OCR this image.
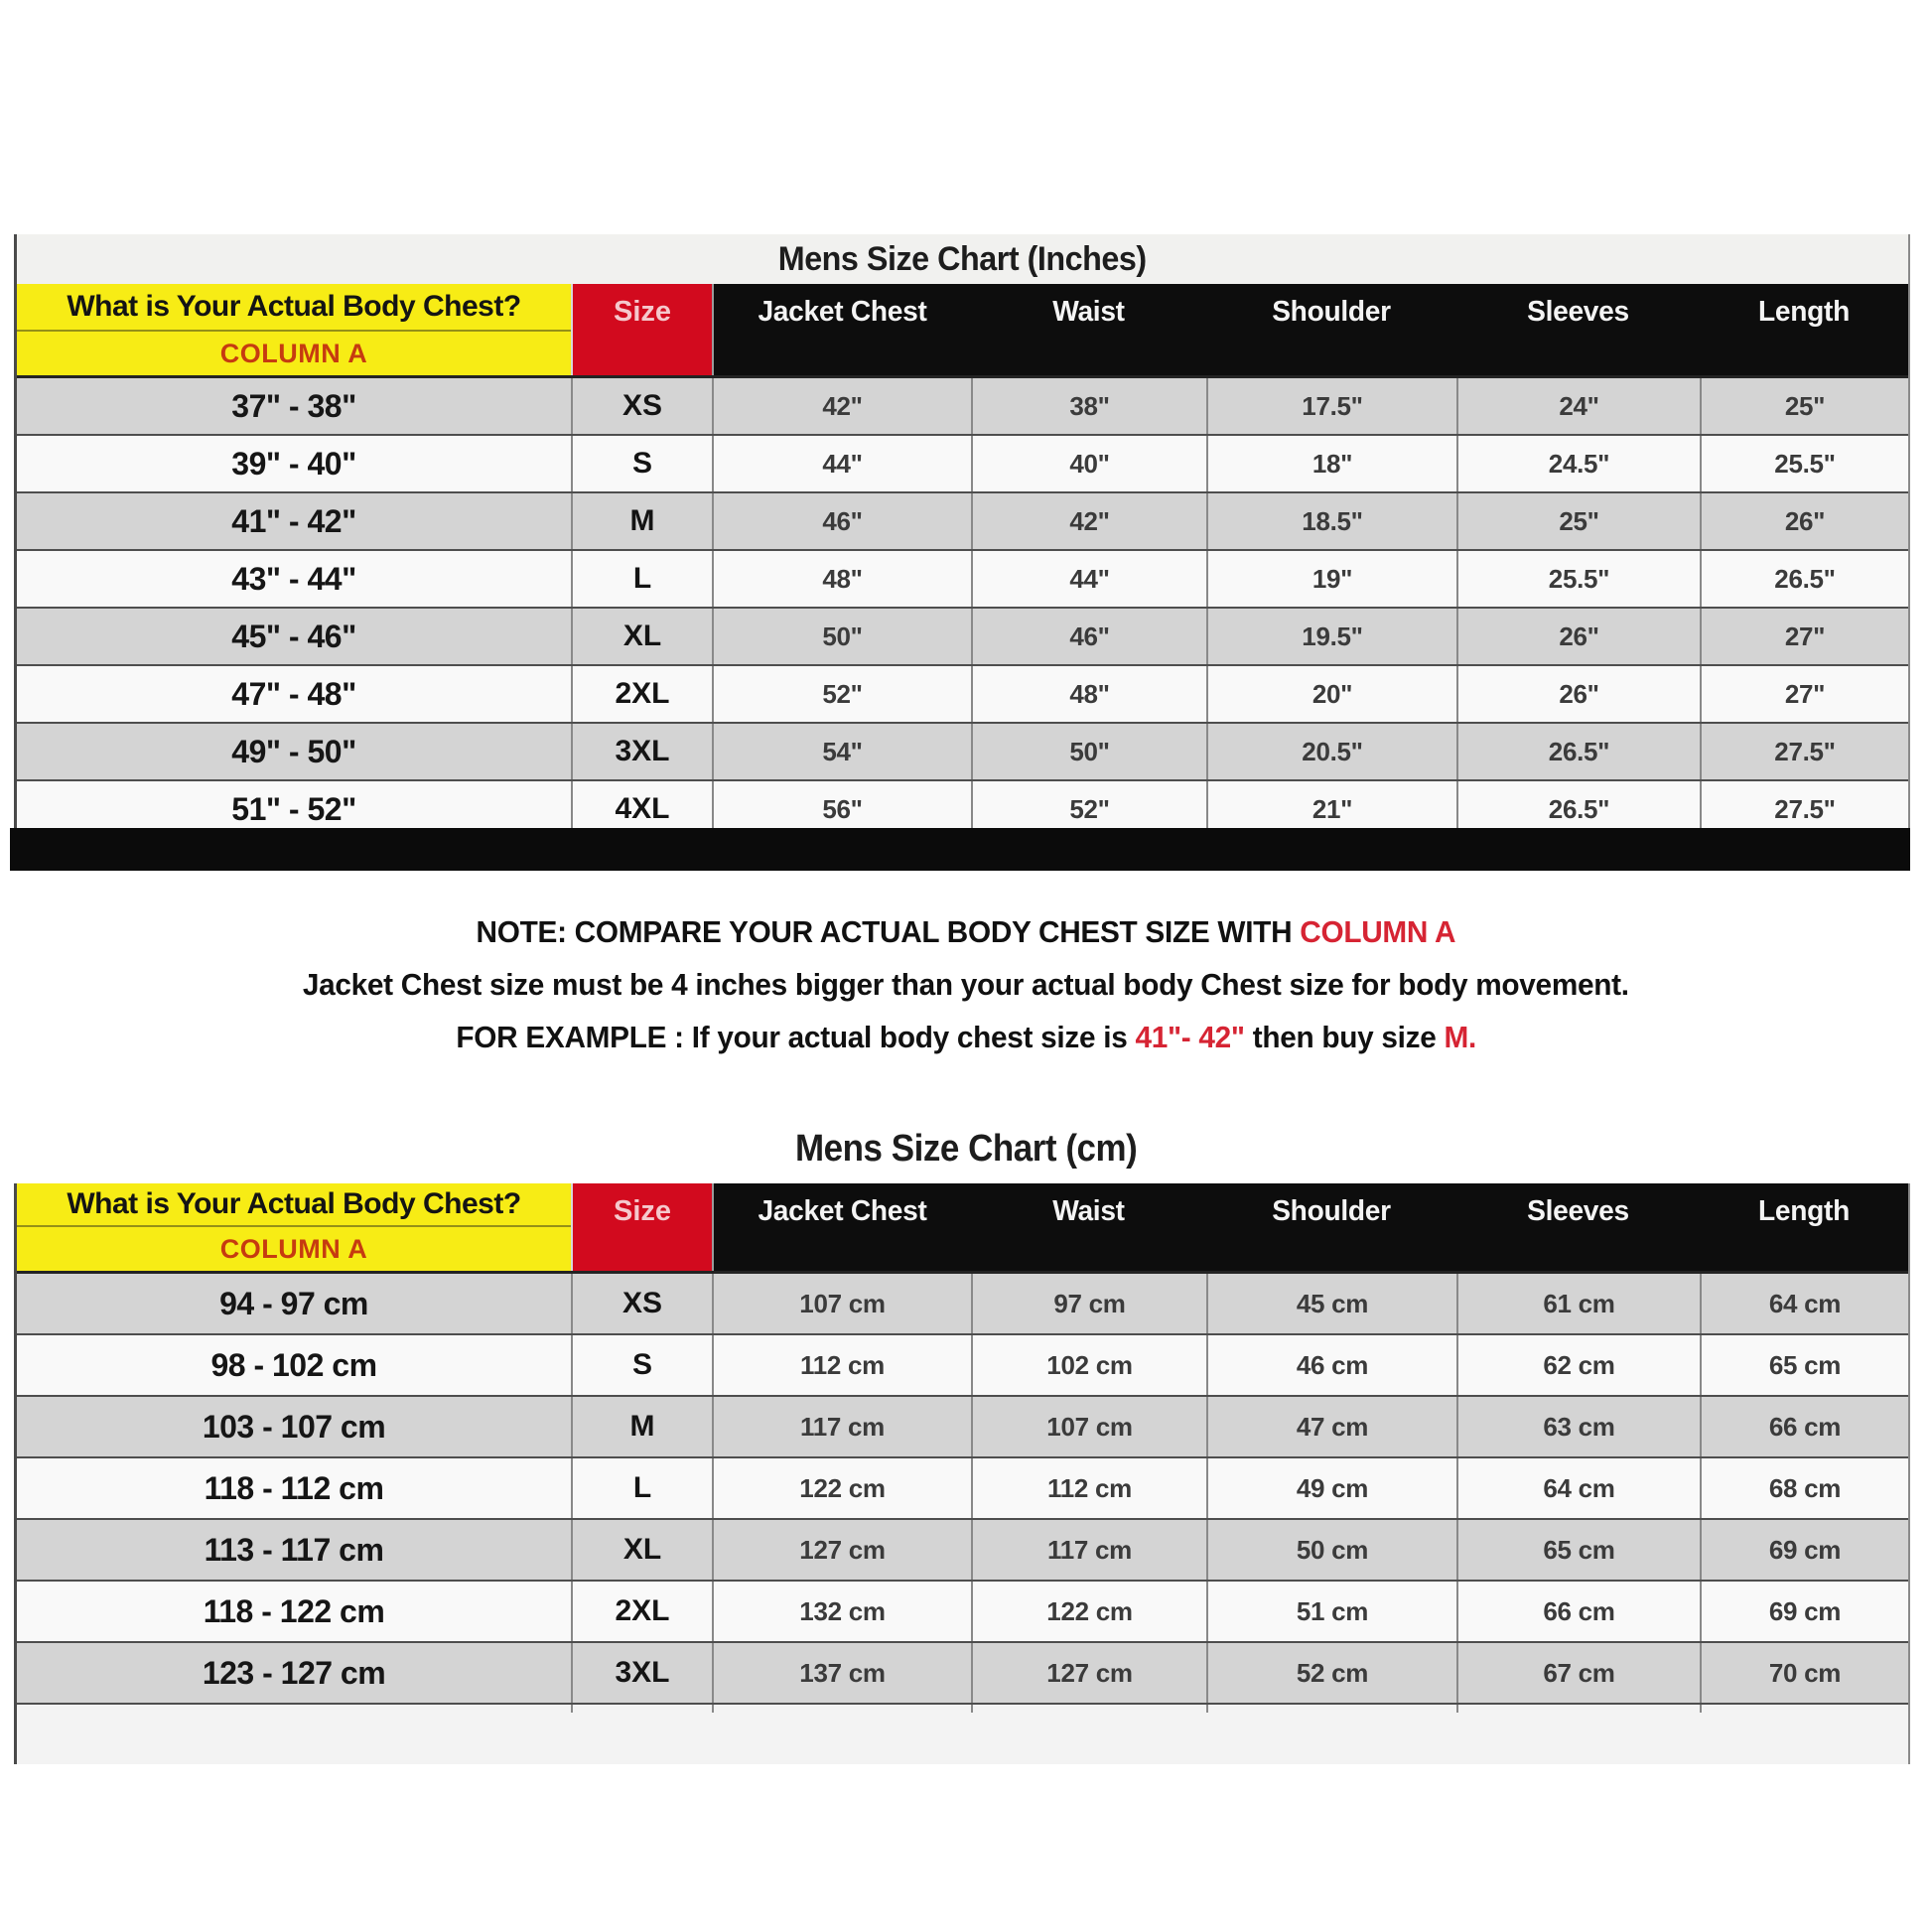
Mens Size Chart (Inches)
What is Your Actual Body Chest?
COLUMN A
Size	Jacket Chest	Waist	Shoulder	Sleeves	Length
37" - 38"	XS	42"	38"	17.5"	24"	25"
39" - 40"	S	44"	40"	18"	24.5"	25.5"
41" - 42"	M	46"	42"	18.5"	25"	26"
43" - 44"	L	48"	44"	19"	25.5"	26.5"
45" - 46"	XL	50"	46"	19.5"	26"	27"
47" - 48"	2XL	52"	48"	20"	26"	27"
49" - 50"	3XL	54"	50"	20.5"	26.5"	27.5"
51" - 52"	4XL	56"	52"	21"	26.5"	27.5"
NOTE: COMPARE YOUR ACTUAL BODY CHEST SIZE WITH COLUMN A
Jacket Chest size must be 4 inches bigger than your actual body Chest size for body movement.
FOR EXAMPLE : If your actual body chest size is 41"- 42" then buy size M.
Mens Size Chart (cm)
What is Your Actual Body Chest?
COLUMN A
Size	Jacket Chest	Waist	Shoulder	Sleeves	Length
94 - 97 cm	XS	107 cm	97 cm	45 cm	61 cm	64 cm
98 - 102 cm	S	112 cm	102 cm	46 cm	62 cm	65 cm
103 - 107 cm	M	117 cm	107 cm	47 cm	63 cm	66 cm
118 - 112 cm	L	122 cm	112 cm	49 cm	64 cm	68 cm
113 - 117 cm	XL	127 cm	117 cm	50 cm	65 cm	69 cm
118 - 122 cm	2XL	132 cm	122 cm	51 cm	66 cm	69 cm
123 - 127 cm	3XL	137 cm	127 cm	52 cm	67 cm	70 cm
